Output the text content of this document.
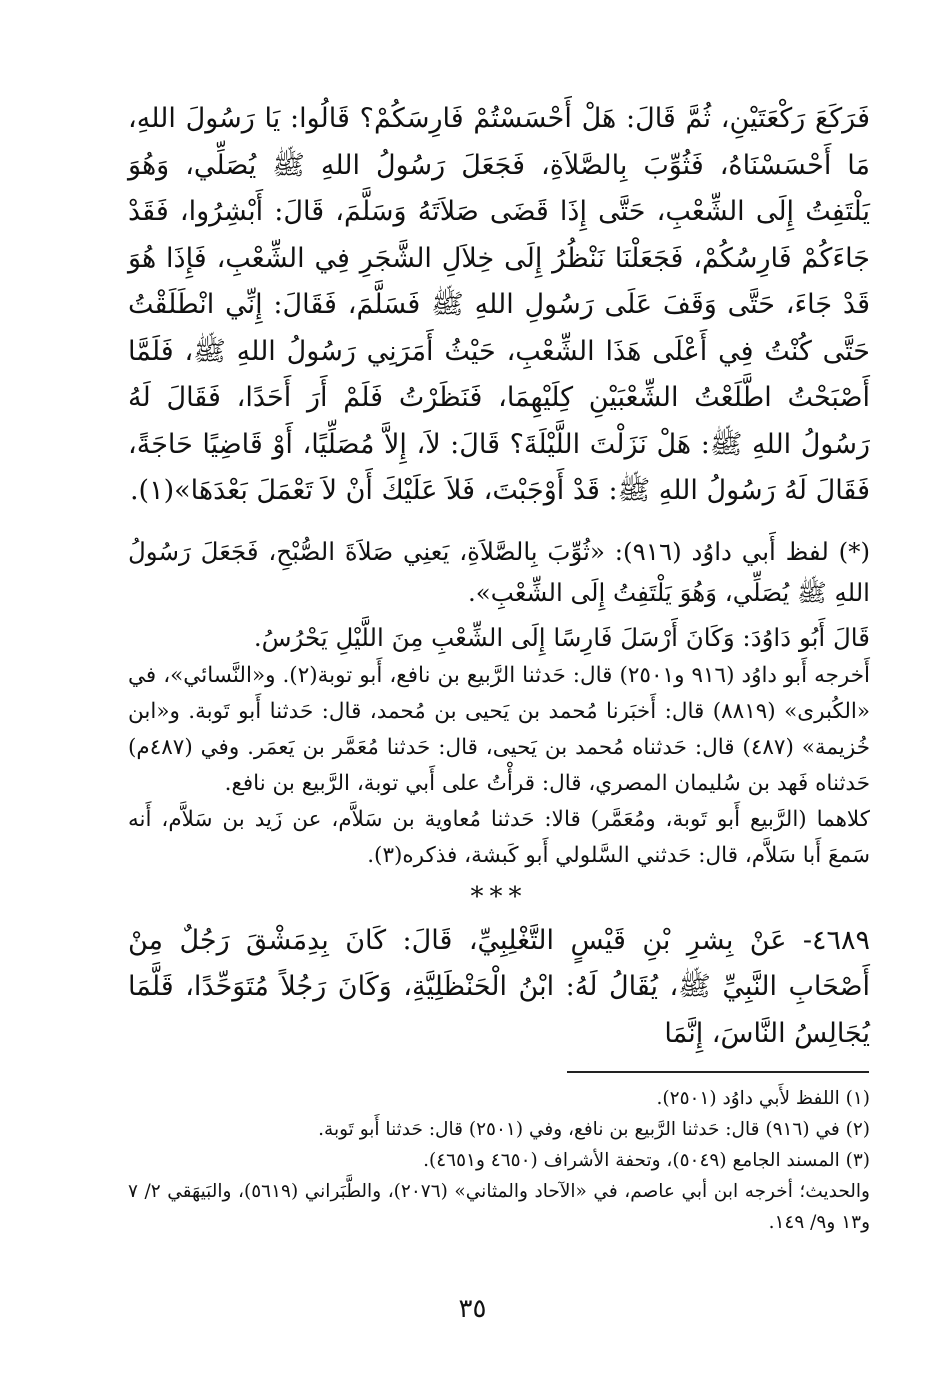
فَرَكَعَ رَكْعَتَيْنِ، ثُمَّ قَالَ: هَلْ أَحْسَسْتُمْ فَارِسَكُمْ؟ قَالُوا: يَا رَسُولَ اللهِ، مَا أَحْسَسْنَاهُ، فَثُوِّبَ بِالصَّلاَةِ، فَجَعَلَ رَسُولُ اللهِ ﷺ يُصَلِّي، وَهُوَ يَلْتَفِتُ إِلَى الشِّعْبِ، حَتَّى إِذَا قَضَى صَلاَتَهُ وَسَلَّمَ، قَالَ: أَبْشِرُوا، فَقَدْ جَاءَكُمْ فَارِسُكُمْ، فَجَعَلْنَا نَنْظُرُ إِلَى خِلاَلِ الشَّجَرِ فِي الشِّعْبِ، فَإِذَا هُوَ قَدْ جَاءَ، حَتَّى وَقَفَ عَلَى رَسُولِ اللهِ ﷺ فَسَلَّمَ، فَقَالَ: إِنِّي انْطَلَقْتُ حَتَّى كُنْتُ فِي أَعْلَى هَذَا الشِّعْبِ، حَيْثُ أَمَرَنِي رَسُولُ اللهِ ﷺ، فَلَمَّا أَصْبَحْتُ اطَّلَعْتُ الشِّعْبَيْنِ كِلَيْهِمَا، فَنَظَرْتُ فَلَمْ أَرَ أَحَدًا، فَقَالَ لَهُ رَسُولُ اللهِ ﷺ: هَلْ نَزَلْتَ اللَّيْلَةَ؟ قَالَ: لاَ، إِلاَّ مُصَلِّيًا، أَوْ قَاضِيًا حَاجَةً، فَقَالَ لَهُ رَسُولُ اللهِ ﷺ: قَدْ أَوْجَبْتَ، فَلاَ عَلَيْكَ أَنْ لاَ تَعْمَلَ بَعْدَهَا»(١).

(*) لفظ أَبي داوُد (٩١٦): «ثُوِّبَ بِالصَّلاَةِ، يَعنِي صَلاَةَ الصُّبْحِ، فَجَعَلَ رَسُولُ اللهِ ﷺ يُصَلِّي، وَهُوَ يَلْتَفِتُ إِلَى الشِّعْبِ».

قَالَ أَبُو دَاوُدَ: وَكَانَ أَرْسَلَ فَارِسًا إِلَى الشِّعْبِ مِنَ اللَّيْلِ يَحْرُسُ.

أَخرجه أَبو داوُد (٩١٦ و٢٥٠١) قال: حَدثنا الرَّبيع بن نافع، أَبو توبة(٢). و«النَّسائي»، في «الكُبرى» (٨٨١٩) قال: أَخبَرنا مُحمد بن يَحيى بن مُحمد، قال: حَدثنا أَبو تَوبة. و«ابن خُزيمة» (٤٨٧) قال: حَدثناه مُحمد بن يَحيى، قال: حَدثنا مُعَمَّر بن يَعمَر. وفي (٤٨٧م) حَدثناه فَهد بن سُليمان المصري، قال: قرأْتُ على أَبي توبة، الرَّبيع بن نافع.

كلاهما (الرَّبيع أَبو تَوبة، ومُعَمَّر) قالا: حَدثنا مُعاوية بن سَلاَّم، عن زَيد بن سَلاَّم، أَنه سَمعَ أَبا سَلاَّم، قال: حَدثني السَّلولي أَبو كَبشة، فذكره(٣).

***

٤٦٨٩- عَنْ بِشرِ بْنِ قَيْسٍ التَّغْلِبِيِّ، قَالَ: كَانَ بِدِمَشْقَ رَجُلٌ مِنْ أَصْحَابِ النَّبِيِّ ﷺ، يُقَالُ لَهُ: ابْنُ الْحَنْظَلِيَّةِ، وَكَانَ رَجُلاً مُتَوَحِّدًا، قَلَّمَا يُجَالِسُ النَّاسَ، إِنَّمَا

(١) اللفظ لأَبي داوُد (٢٥٠١).

(٢) في (٩١٦) قال: حَدثنا الرَّبيع بن نافع، وفي (٢٥٠١) قال: حَدثنا أَبو تَوبة.

(٣) المسند الجامع (٥٠٤٩)، وتحفة الأشراف (٤٦٥٠ و٤٦٥١).

والحديث؛ أخرجه ابن أبي عاصم، في «الآحاد والمثاني» (٢٠٧٦)، والطَّبَراني (٥٦١٩)، والبَيهَقي ٢/ ٧ و١٣ و٩/ ١٤٩.

٣٥
